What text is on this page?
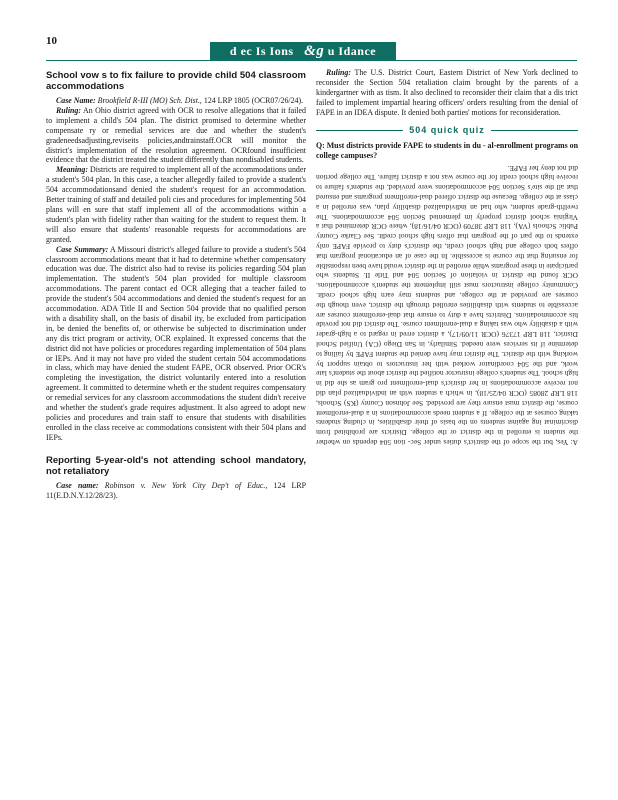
10
d ec Is Ions
&g
u Idance
School vow s to fix failure to provide child 504 classroom accommodations

Case Name: Brookfield R-III (MO) Sch. Dist., 124 LRP 1805 (OCR07/26/24).

Ruling: An Ohio district agreed with OCR to resolve allegations that it failed to implement a child's 504 plan. The district promised to determine whether compensate ry or remedial services are due and whether the student's gradeneedsadjusting,reviseits policies,andtrainstaff.OCR will monitor the district's implementation of the resolution agreement. OCRfound insufficient evidence that the district treated the student differently than nondisabled students.

Meaning: Districts are required to implement all of the accommodations under a student's 504 plan. In this case, a teacher allegedly failed to provide a student's 504 accommodationsand denied the student's request for an accommodation. Better training of staff and detailed poli cies and procedures for implementing 504 plans will en sure that staff implement all of the accommodations within a student's plan with fidelity rather than waiting for the student to request them. It will also ensure that students' reasonable requests for accommodations are granted.

Case Summary: A Missouri district's alleged failure to provide a student's 504 classroom accommodations meant that it had to determine whether compensatory education was due. The district also had to revise its policies regarding 504 plan implementation. The student's 504 plan provided for multiple classroom accommodations. The parent contact ed OCR alleging that a teacher failed to provide the student's 504 accommodations and denied the student's request for an accommodation. ADA Title II and Section 504 provide that no qualified person with a disability shall, on the basis of disabil ity, be excluded from participation in, be denied the benefits of, or otherwise be subjected to discrimination under any dis trict program or activity, OCR explained. It expressed concerns that the district did not have policies or procedures regarding implementation of 504 plans or IEPs. And it may not have pro vided the student certain 504 accommodations in class, which may have denied the student FAPE, OCR observed. Prior OCR's completing the investigation, the district voluntarily entered into a resolution agreement. It committed to determine wheth er the student requires compensatory or remedial services for any classroom accommodations the student didn't receive and whether the student's grade requires adjustment. It also agreed to adopt new policies and procedures and train staff to ensure that students with disabilities enrolled in the class receive ac commodations consistent with their 504 plans and IEPs.

Reporting 5-year-old's not attending school mandatory, not retaliatory

Case name: Robinson v. New York City Dep't of Educ., 124 LRP 11(E.D.N.Y.12/28/23).

Ruling: The U.S. District Court, Eastern District of New York declined to reconsider the Section 504 retaliation claim brought by the parents of a kindergartner with as tism. It also declined to reconsider their claim that a dis trict failed to implement impartial hearing officers' orders resulting from the denial of FAPE in an IDEA dispute. It denied both parties' motions for reconsideration.

504 quick quiz

Q: Must districts provide FAPE to students in du - al-enrollment programs on college campuses?

A: Yes, but the scope of the district's duties under Sec- tion 504 depends on whether the student is enrolled in the district or the college. Districts are prohibited from discriminat ing against students on the basis of their disabilities, in cluding students taking courses at the college. If a student needs accommodations in a dual-enrollment course, the district must ensure they are provided. See Johnson County (KS) Schools, 118 LRP 28085 (OCR 04/25/18), in which a student with an individualized plan did not receive accommodations in her district's dual-enrollment pro gram as she did in high school. The student's college instructor notified the district about the student's late work, and the 504 coordinator worked with her instructors to obtain support by working with the district. The district may have denied the student FAPE by failing to determine if its services were needed. Similarly, in San Diego (CA) Unified School District, 118 LRP 17376 (OCR 11/09/17), a district erred in regard to a high-grader with a disability who was taking a dual-enrollment course. The district did not provide his accommodations. Districts have a duty to ensure that dual-enrollment courses are accessible to students with disabilities enrolled through the district, even though the courses are provided at the college, and students may earn high school credit. Community college instructors must still implement the student's accommodations. OCR found the district in violation of Section 504 and Title II. Students who participate in these programs while enrolled in the district would have been responsible for ensuring that the course is accessible. In the case of an educational program that offers both college and high school credit, the district's duty to provide FAPE only extends to the part of the program that offers high school credit. See Clarke County Public Schools (VA), 118 LRP 38709 (OCR 04/16/18), where OCR determined that a Virginia school district properly im plemented Section 504 accommodations. The twelfth-grade student, who had an individualized disability plan, was enrolled in a class at the college. Because the district offered dual-enrollment programs and ensured that all the site's Section 504 accommodations were provided, the student's failure to receive high school credit for the course was not a district failure. The college portion did not deny her FAPE.
